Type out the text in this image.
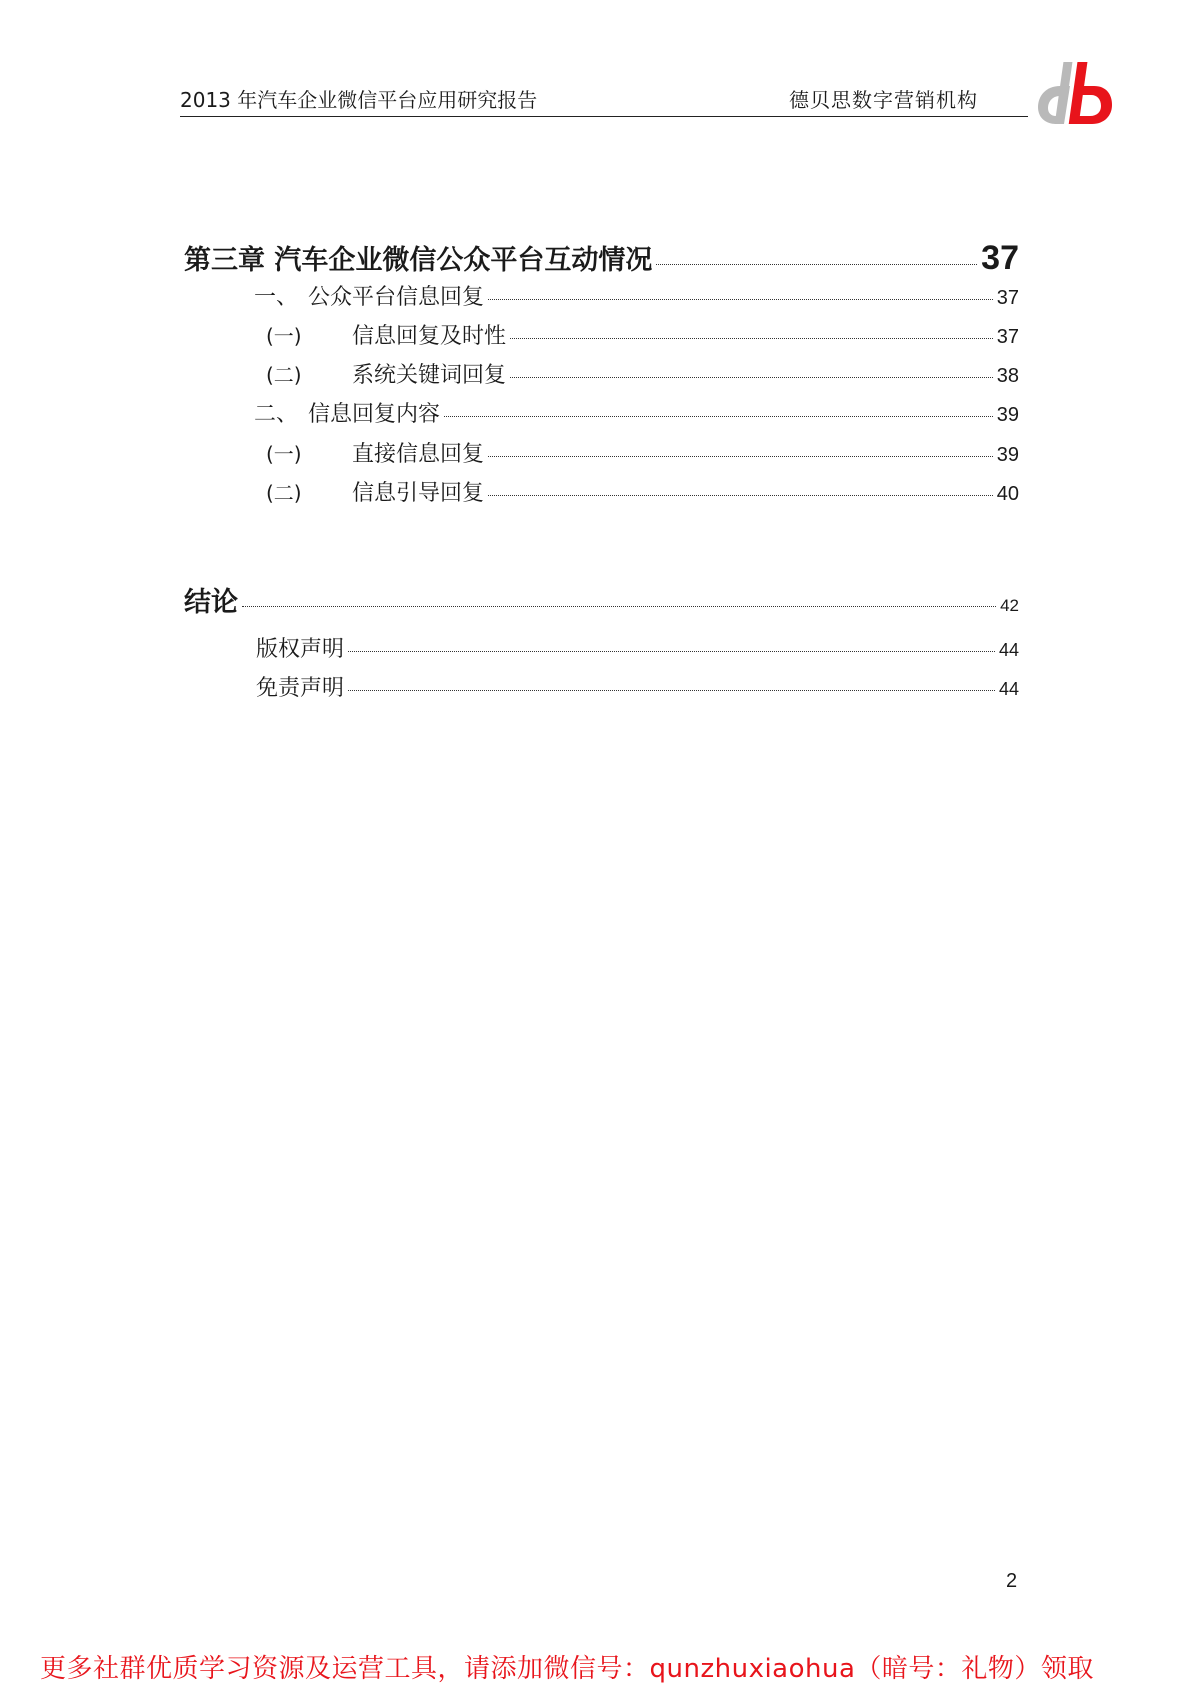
2013 年汽车企业微信平台应用研究报告	德贝思数字营销机构
第三章 汽车企业微信公众平台互动情况	37
一、 公众平台信息回复	37
(一)	信息回复及时性	37
(二)	系统关键词回复	38
二、 信息回复内容	39
(一)	直接信息回复	39
(二)	信息引导回复	40
结论	42
版权声明	44
免责声明	44
2
更多社群优质学习资源及运营工具，请添加微信号：qunzhuxiaohua（暗号：礼物）领取
